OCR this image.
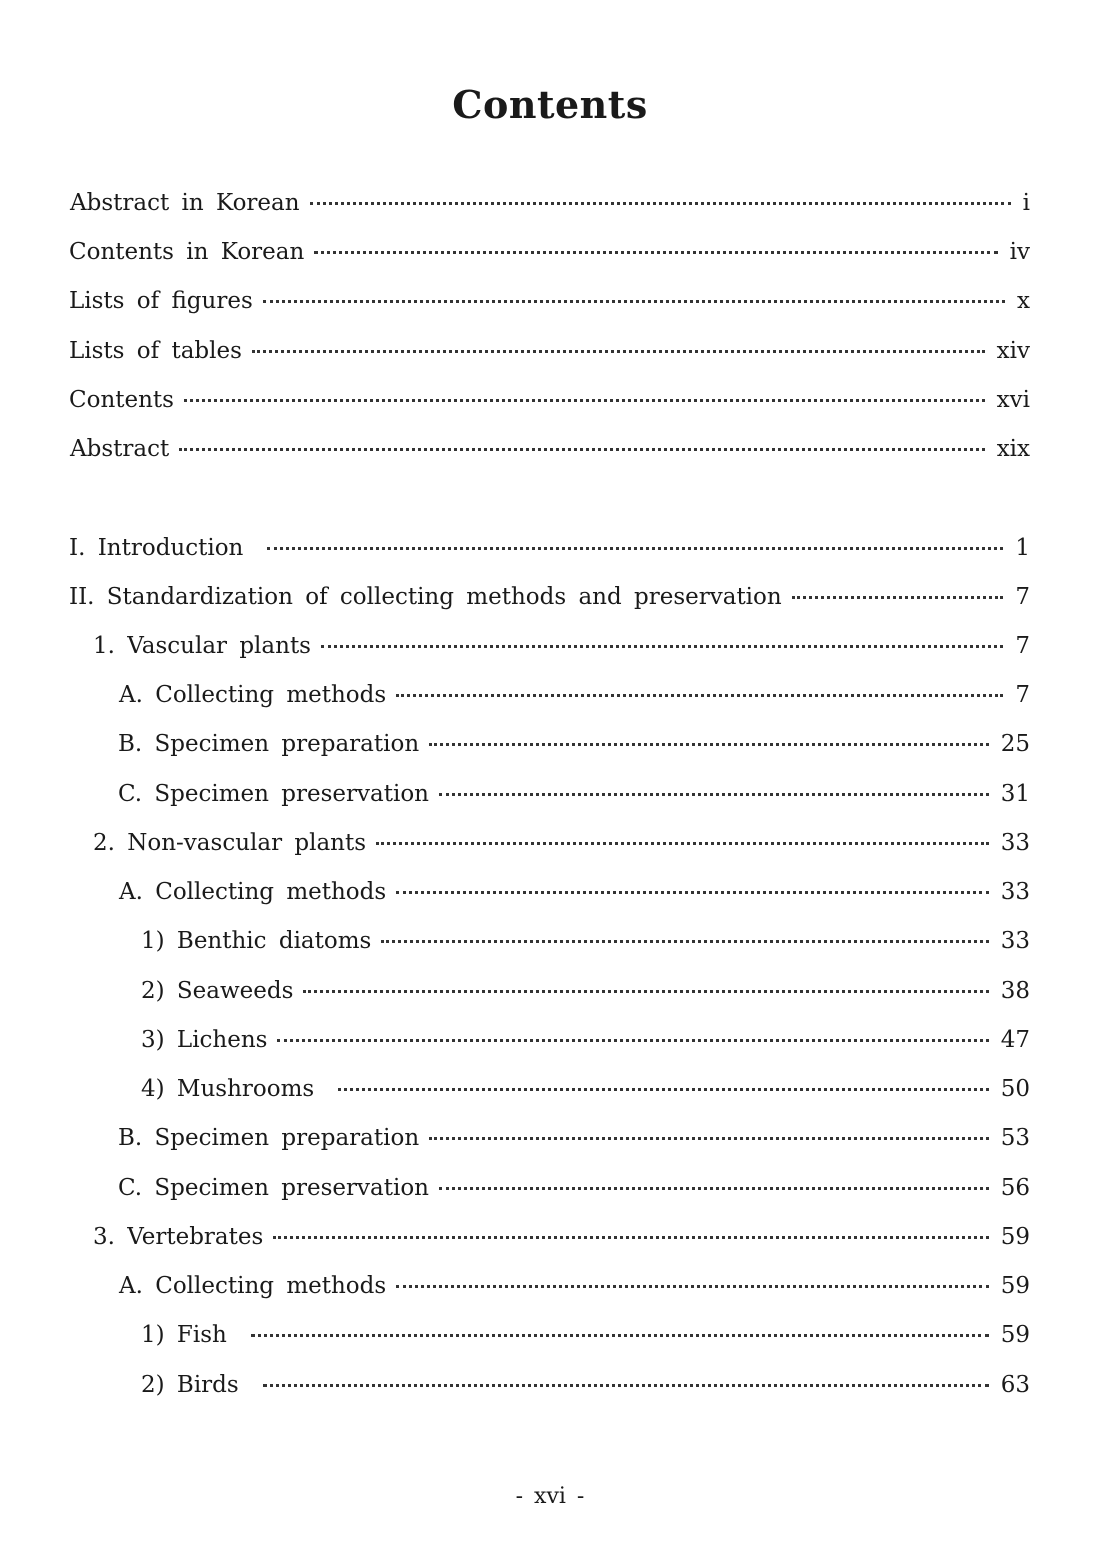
Contents
Abstract in Korean	i
Contents in Korean	iv
Lists of figures	x
Lists of tables	xiv
Contents	xvi
Abstract	xix
I. Introduction	1
II. Standardization of collecting methods and preservation	7
1. Vascular plants	7
A. Collecting methods	7
B. Specimen preparation	25
C. Specimen preservation	31
2. Non-vascular plants	33
A. Collecting methods	33
1) Benthic diatoms	33
2) Seaweeds	38
3) Lichens	47
4) Mushrooms	50
B. Specimen preparation	53
C. Specimen preservation	56
3. Vertebrates	59
A. Collecting methods	59
1) Fish	59
2) Birds	63
- xvi -
